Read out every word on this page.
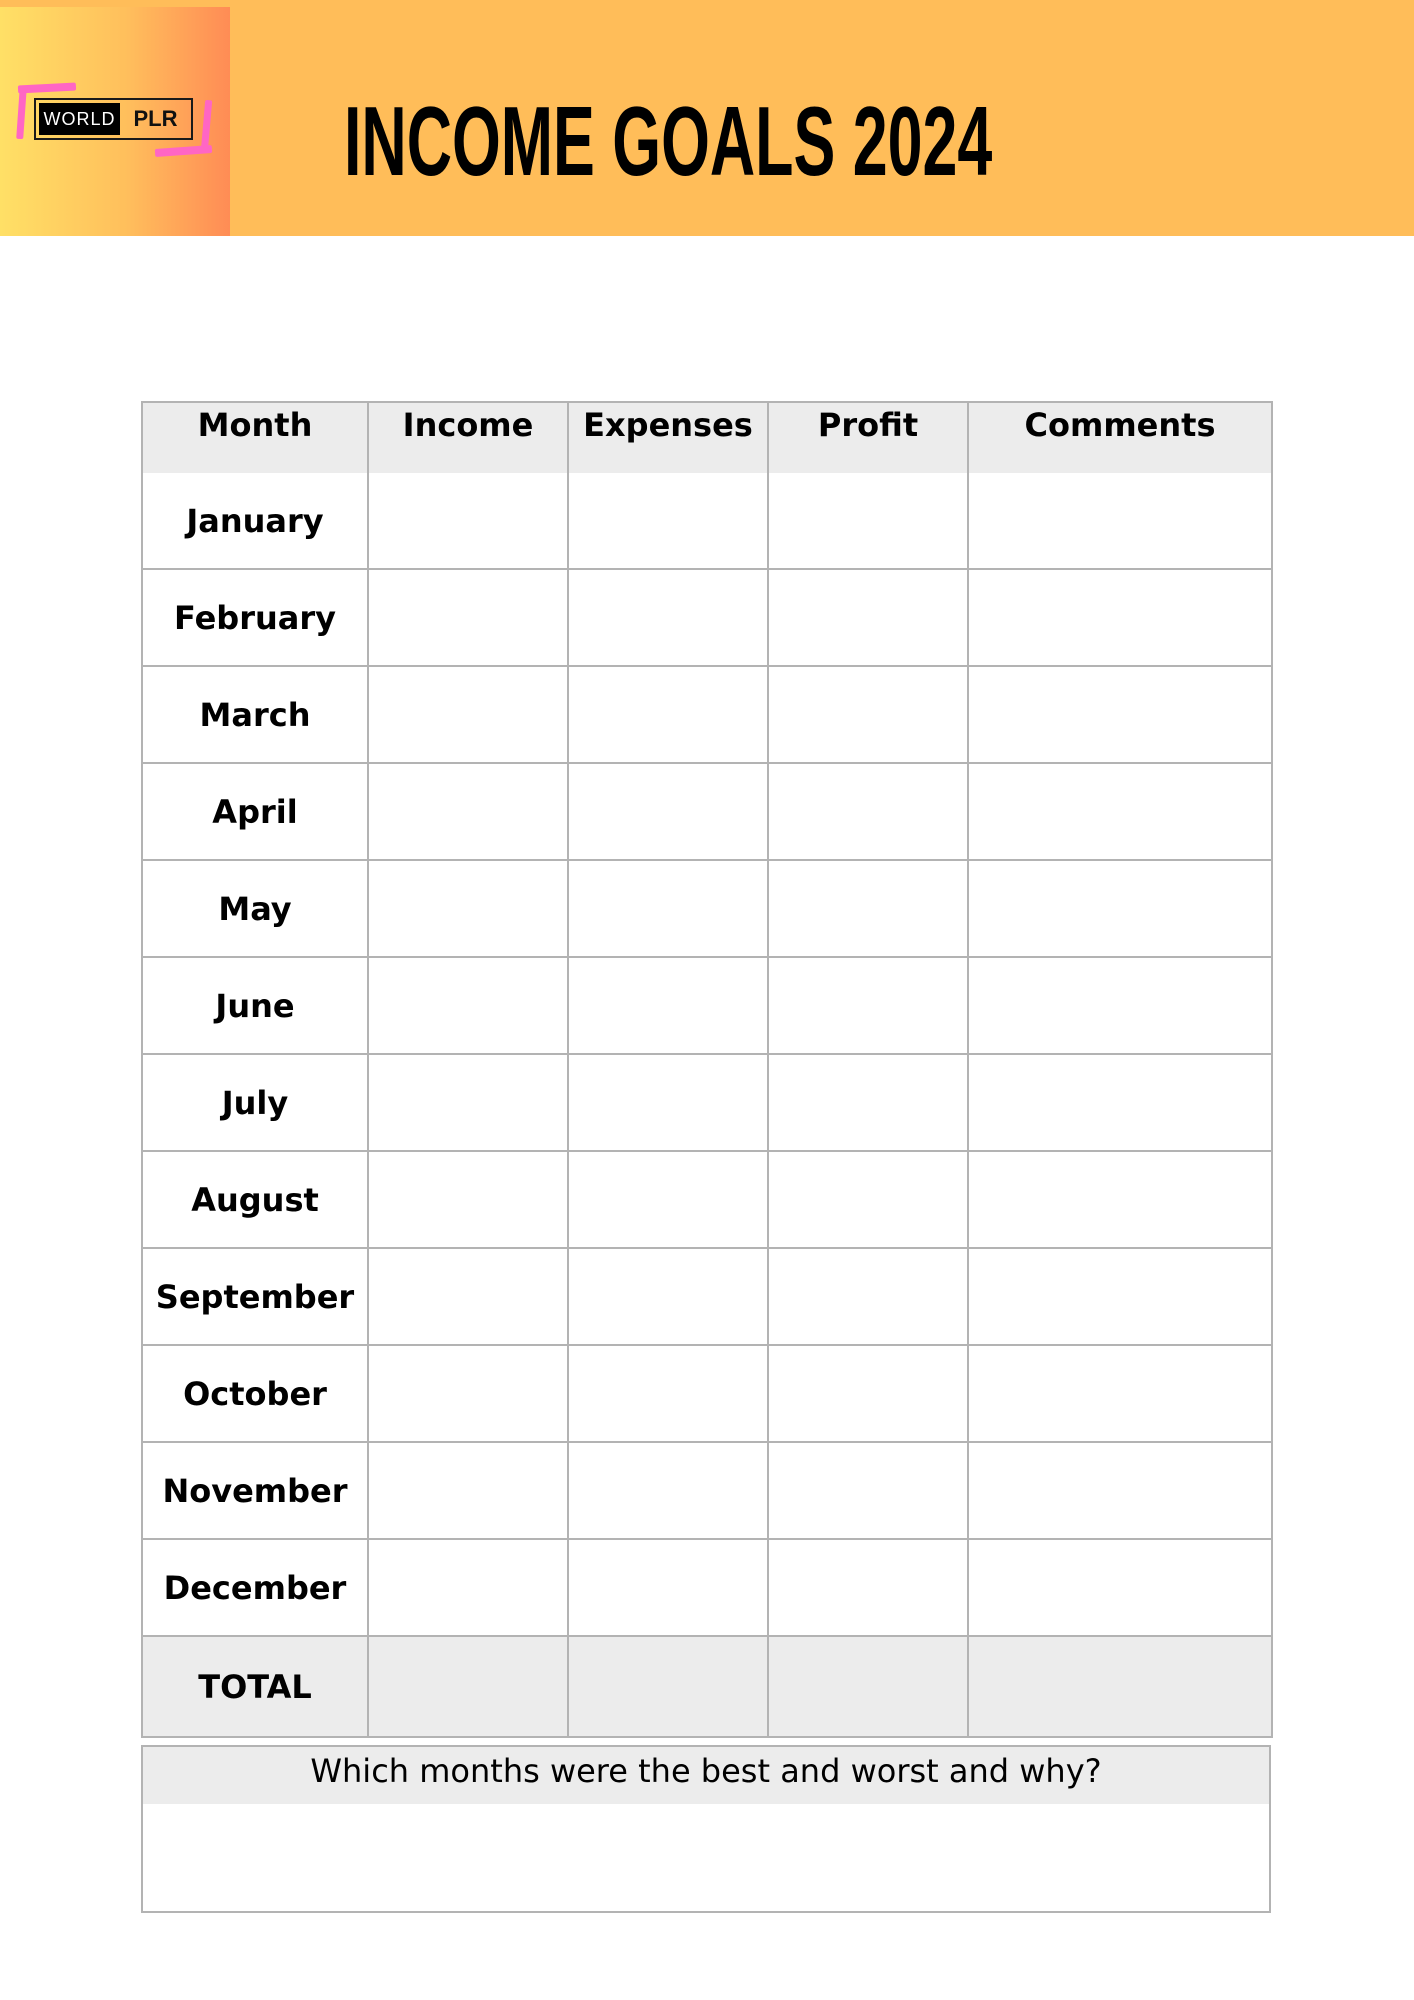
WORLD PLR INCOME GOALS 2024
Month	Income	Expenses	Profit	Comments
January				
February				
March				
April				
May				
June				
July				
August				
September				
October				
November				
December				
TOTAL				
Which months were the best and worst and why?
